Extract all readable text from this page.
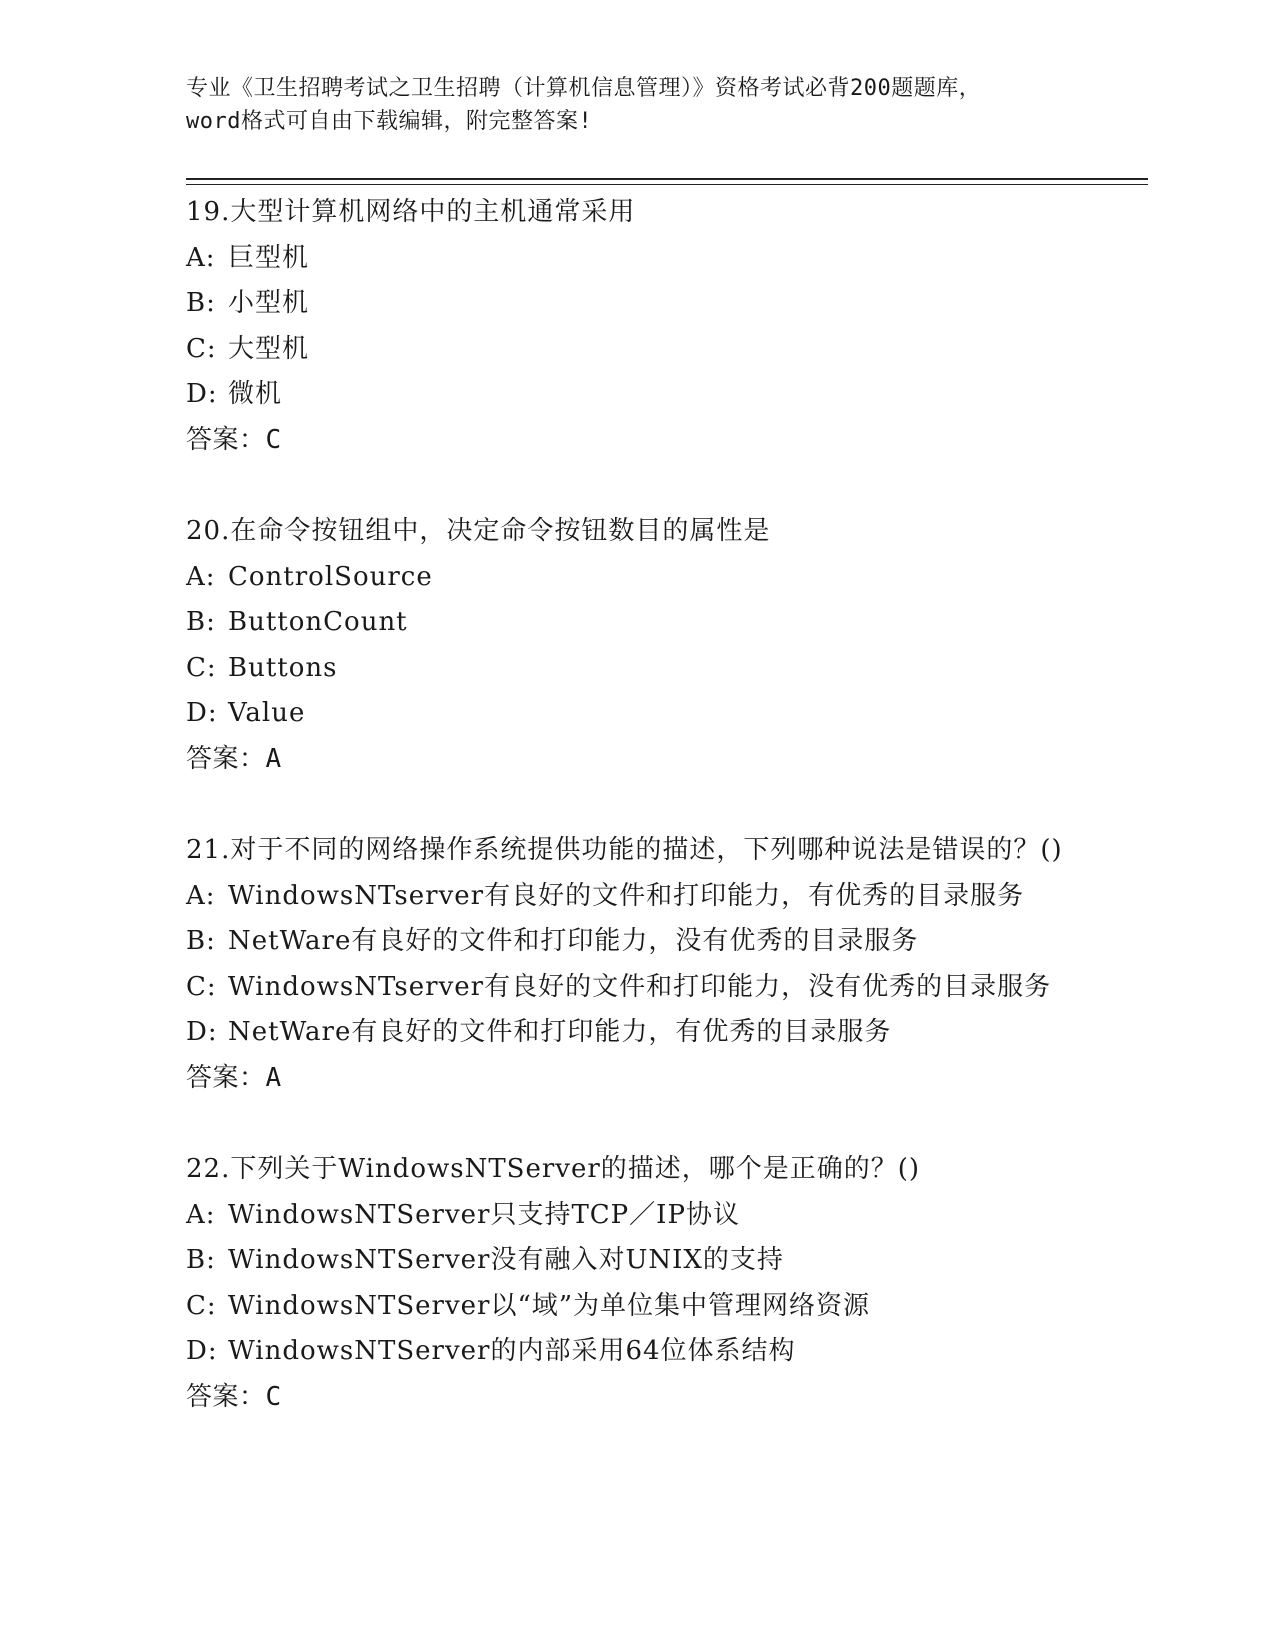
专业《卫生招聘考试之卫生招聘（计算机信息管理）》资格考试必背200题题库，
word格式可自由下载编辑，附完整答案!
19.大型计算机网络中的主机通常采用
A: 巨型机
B: 小型机
C: 大型机
D: 微机
答案：C
20.在命令按钮组中，决定命令按钮数目的属性是
A: ControlSource
B: ButtonCount
C: Buttons
D: Value
答案：A
21.对于不同的网络操作系统提供功能的描述，下列哪种说法是错误的？()
A: WindowsNTserver有良好的文件和打印能力，有优秀的目录服务
B: NetWare有良好的文件和打印能力，没有优秀的目录服务
C: WindowsNTserver有良好的文件和打印能力，没有优秀的目录服务
D: NetWare有良好的文件和打印能力，有优秀的目录服务
答案：A
22.下列关于WindowsNTServer的描述，哪个是正确的？()
A: WindowsNTServer只支持TCP／IP协议
B: WindowsNTServer没有融入对UNIX的支持
C: WindowsNTServer以“域”为单位集中管理网络资源
D: WindowsNTServer的内部采用64位体系结构
答案：C
